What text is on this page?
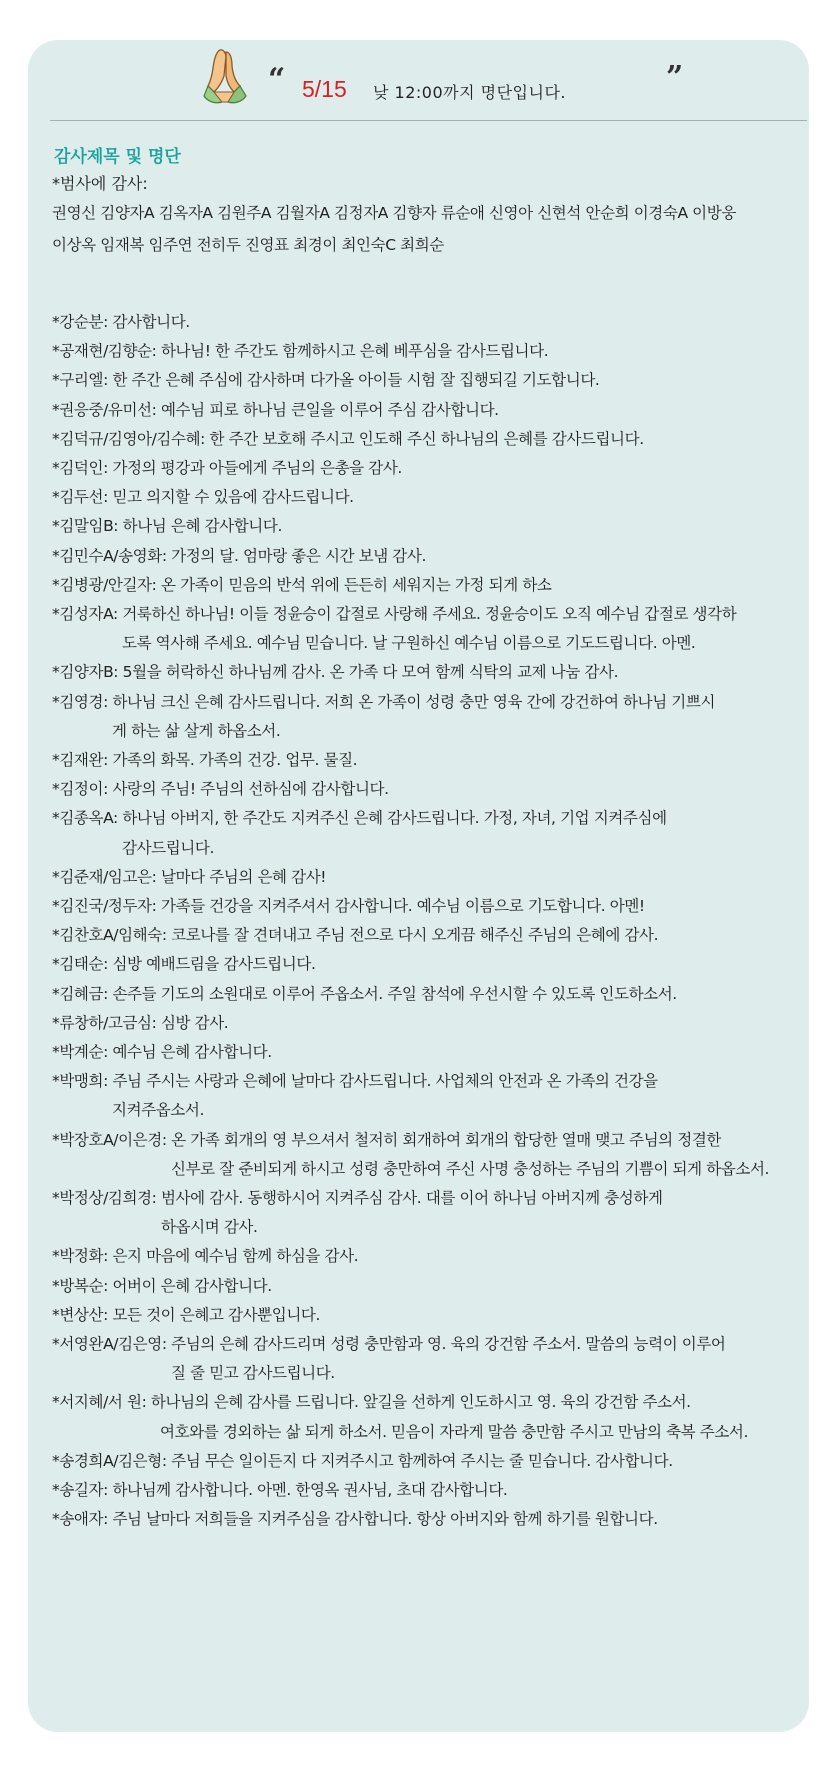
“ 5/15 낮 12:00까지 명단입니다.	”
감사제목 및 명단
*범사에 감사:
권영신 김양자A 김옥자A 김원주A 김월자A 김정자A 김향자 류순애 신영아 신현석 안순희 이경숙A 이방웅
이상옥 임재복 임주연 전히두 진영표 최경이 최인숙C 최희순
*강순분: 감사합니다.
*공재현/김향순: 하나님! 한 주간도 함께하시고 은혜 베푸심을 감사드립니다.
*구리엘: 한 주간 은혜 주심에 감사하며 다가올 아이들 시험 잘 집행되길 기도합니다.
*권응중/유미선: 예수님 피로 하나님 큰일을 이루어 주심 감사합니다.
*김덕규/김영아/김수혜: 한 주간 보호해 주시고 인도해 주신 하나님의 은혜를 감사드립니다.
*김덕인: 가정의 평강과 아들에게 주님의 은총을 감사.
*김두선: 믿고 의지할 수 있음에 감사드립니다.
*김말임B: 하나님 은혜 감사합니다.
*김민수A/송영화: 가정의 달. 엄마랑 좋은 시간 보냄 감사.
*김병광/안길자: 온 가족이 믿음의 반석 위에 든든히 세워지는 가정 되게 하소
*김성자A: 거룩하신 하나님! 이들 정윤승이 갑절로 사랑해 주세요. 정윤승이도 오직 예수님 갑절로 생각하
도록 역사해 주세요. 예수님 믿습니다. 날 구원하신 예수님 이름으로 기도드립니다. 아멘.
*김양자B: 5월을 허락하신 하나님께 감사. 온 가족 다 모여 함께 식탁의 교제 나눔 감사.
*김영경: 하나님 크신 은혜 감사드립니다. 저희 온 가족이 성령 충만 영육 간에 강건하여 하나님 기쁘시
게 하는 삶 살게 하옵소서.
*김재완: 가족의 화목. 가족의 건강. 업무. 물질.
*김정이: 사랑의 주님! 주님의 선하심에 감사합니다.
*김종옥A: 하나님 아버지, 한 주간도 지켜주신 은혜 감사드립니다. 가정, 자녀, 기업 지켜주심에
감사드립니다.
*김준재/임고은: 날마다 주님의 은혜 감사!
*김진국/정두자: 가족들 건강을 지켜주셔서 감사합니다. 예수님 이름으로 기도합니다. 아멘!
*김찬호A/임해숙: 코로나를 잘 견뎌내고 주님 전으로 다시 오게끔 해주신 주님의 은혜에 감사.
*김태순: 심방 예배드림을 감사드립니다.
*김혜금: 손주들 기도의 소원대로 이루어 주옵소서. 주일 참석에 우선시할 수 있도록 인도하소서.
*류창하/고금심: 심방 감사.
*박계순: 예수님 은혜 감사합니다.
*박맹희: 주님 주시는 사랑과 은혜에 날마다 감사드립니다. 사업체의 안전과 온 가족의 건강을
지켜주옵소서.
*박장호A/이은경: 온 가족 회개의 영 부으셔서 철저히 회개하여 회개의 합당한 열매 맺고 주님의 정결한
신부로 잘 준비되게 하시고 성령 충만하여 주신 사명 충성하는 주님의 기쁨이 되게 하옵소서.
*박정상/김희경: 범사에 감사. 동행하시어 지켜주심 감사. 대를 이어 하나님 아버지께 충성하게
하옵시며 감사.
*박정화: 은지 마음에 예수님 함께 하심을 감사.
*방복순: 어버이 은혜 감사합니다.
*변상산: 모든 것이 은혜고 감사뿐입니다.
*서영완A/김은영: 주님의 은혜 감사드리며 성령 충만함과 영. 육의 강건함 주소서. 말씀의 능력이 이루어
질 줄 믿고 감사드립니다.
*서지혜/서 원: 하나님의 은혜 감사를 드립니다. 앞길을 선하게 인도하시고 영. 육의 강건함 주소서.
여호와를 경외하는 삶 되게 하소서. 믿음이 자라게 말씀 충만함 주시고 만남의 축복 주소서.
*송경희A/김은형: 주님 무슨 일이든지 다 지켜주시고 함께하여 주시는 줄 믿습니다. 감사합니다.
*송길자: 하나님께 감사합니다. 아멘. 한영옥 권사님, 초대 감사합니다.
*송애자: 주님 날마다 저희들을 지켜주심을 감사합니다. 항상 아버지와 함께 하기를 원합니다.
